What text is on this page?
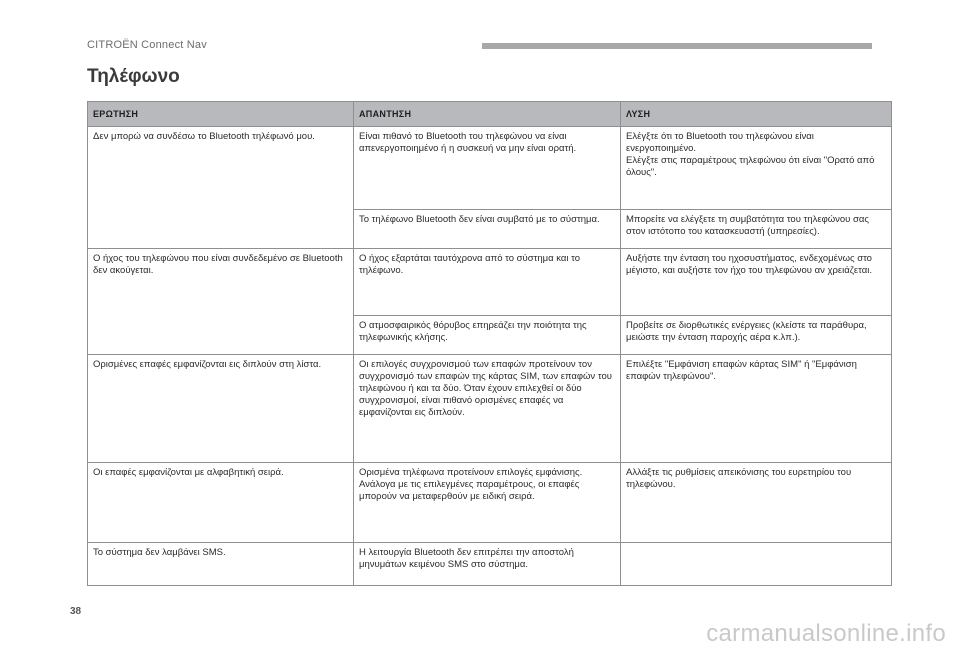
CITROËN Connect Nav
Τηλέφωνο
ΕΡΩΤΗΣΗ	ΑΠΑΝΤΗΣΗ	ΛΥΣΗ
Δεν μπορώ να συνδέσω το Bluetooth τηλέφωνό μου.	Είναι πιθανό το Bluetooth του τηλεφώνου να είναι απενεργοποιημένο ή η συσκευή να μην είναι ορατή.	Ελέγξτε ότι το Bluetooth του τηλεφώνου είναι ενεργοποιημένο.
Ελέγξτε στις παραμέτρους τηλεφώνου ότι είναι "Ορατό από όλους".

	Το τηλέφωνο Bluetooth δεν είναι συμβατό με το σύστημα.	Μπορείτε να ελέγξετε τη συμβατότητα του τηλεφώνου σας στον ιστότοπο του κατασκευαστή (υπηρεσίες).
Ο ήχος του τηλεφώνου που είναι συνδεδεμένο σε Bluetooth δεν ακούγεται.	Ο ήχος εξαρτάται ταυτόχρονα από το σύστημα και το τηλέφωνο.	Αυξήστε την ένταση του ηχοσυστήματος, ενδεχομένως στο μέγιστο, και αυξήστε τον ήχο του τηλεφώνου αν χρειάζεται.
	Ο ατμοσφαιρικός θόρυβος επηρεάζει την ποιότητα της τηλεφωνικής κλήσης.	Προβείτε σε διορθωτικές ενέργειες (κλείστε τα παράθυρα, μειώστε την ένταση παροχής αέρα κ.λπ.).
Ορισμένες επαφές εμφανίζονται εις διπλούν στη λίστα.	Οι επιλογές συγχρονισμού των επαφών προτείνουν τον συγχρονισμό των επαφών της κάρτας SIM, των επαφών του τηλεφώνου ή και τα δύο. Όταν έχουν επιλεχθεί οι δύο συγχρονισμοί, είναι πιθανό ορισμένες επαφές να εμφανίζονται εις διπλούν.	Επιλέξτε "Εμφάνιση επαφών κάρτας SIM" ή "Εμφάνιση επαφών τηλεφώνου".
Οι επαφές εμφανίζονται με αλφαβητική σειρά.	Ορισμένα τηλέφωνα προτείνουν επιλογές εμφάνισης. Ανάλογα με τις επιλεγμένες παραμέτρους, οι επαφές μπορούν να μεταφερθούν με ειδική σειρά.	Αλλάξτε τις ρυθμίσεις απεικόνισης του ευρετηρίου του τηλεφώνου.
Το σύστημα δεν λαμβάνει SMS.	Η λειτουργία Bluetooth δεν επιτρέπει την αποστολή μηνυμάτων κειμένου SMS στο σύστημα.	
38
carmanualsonline.info
